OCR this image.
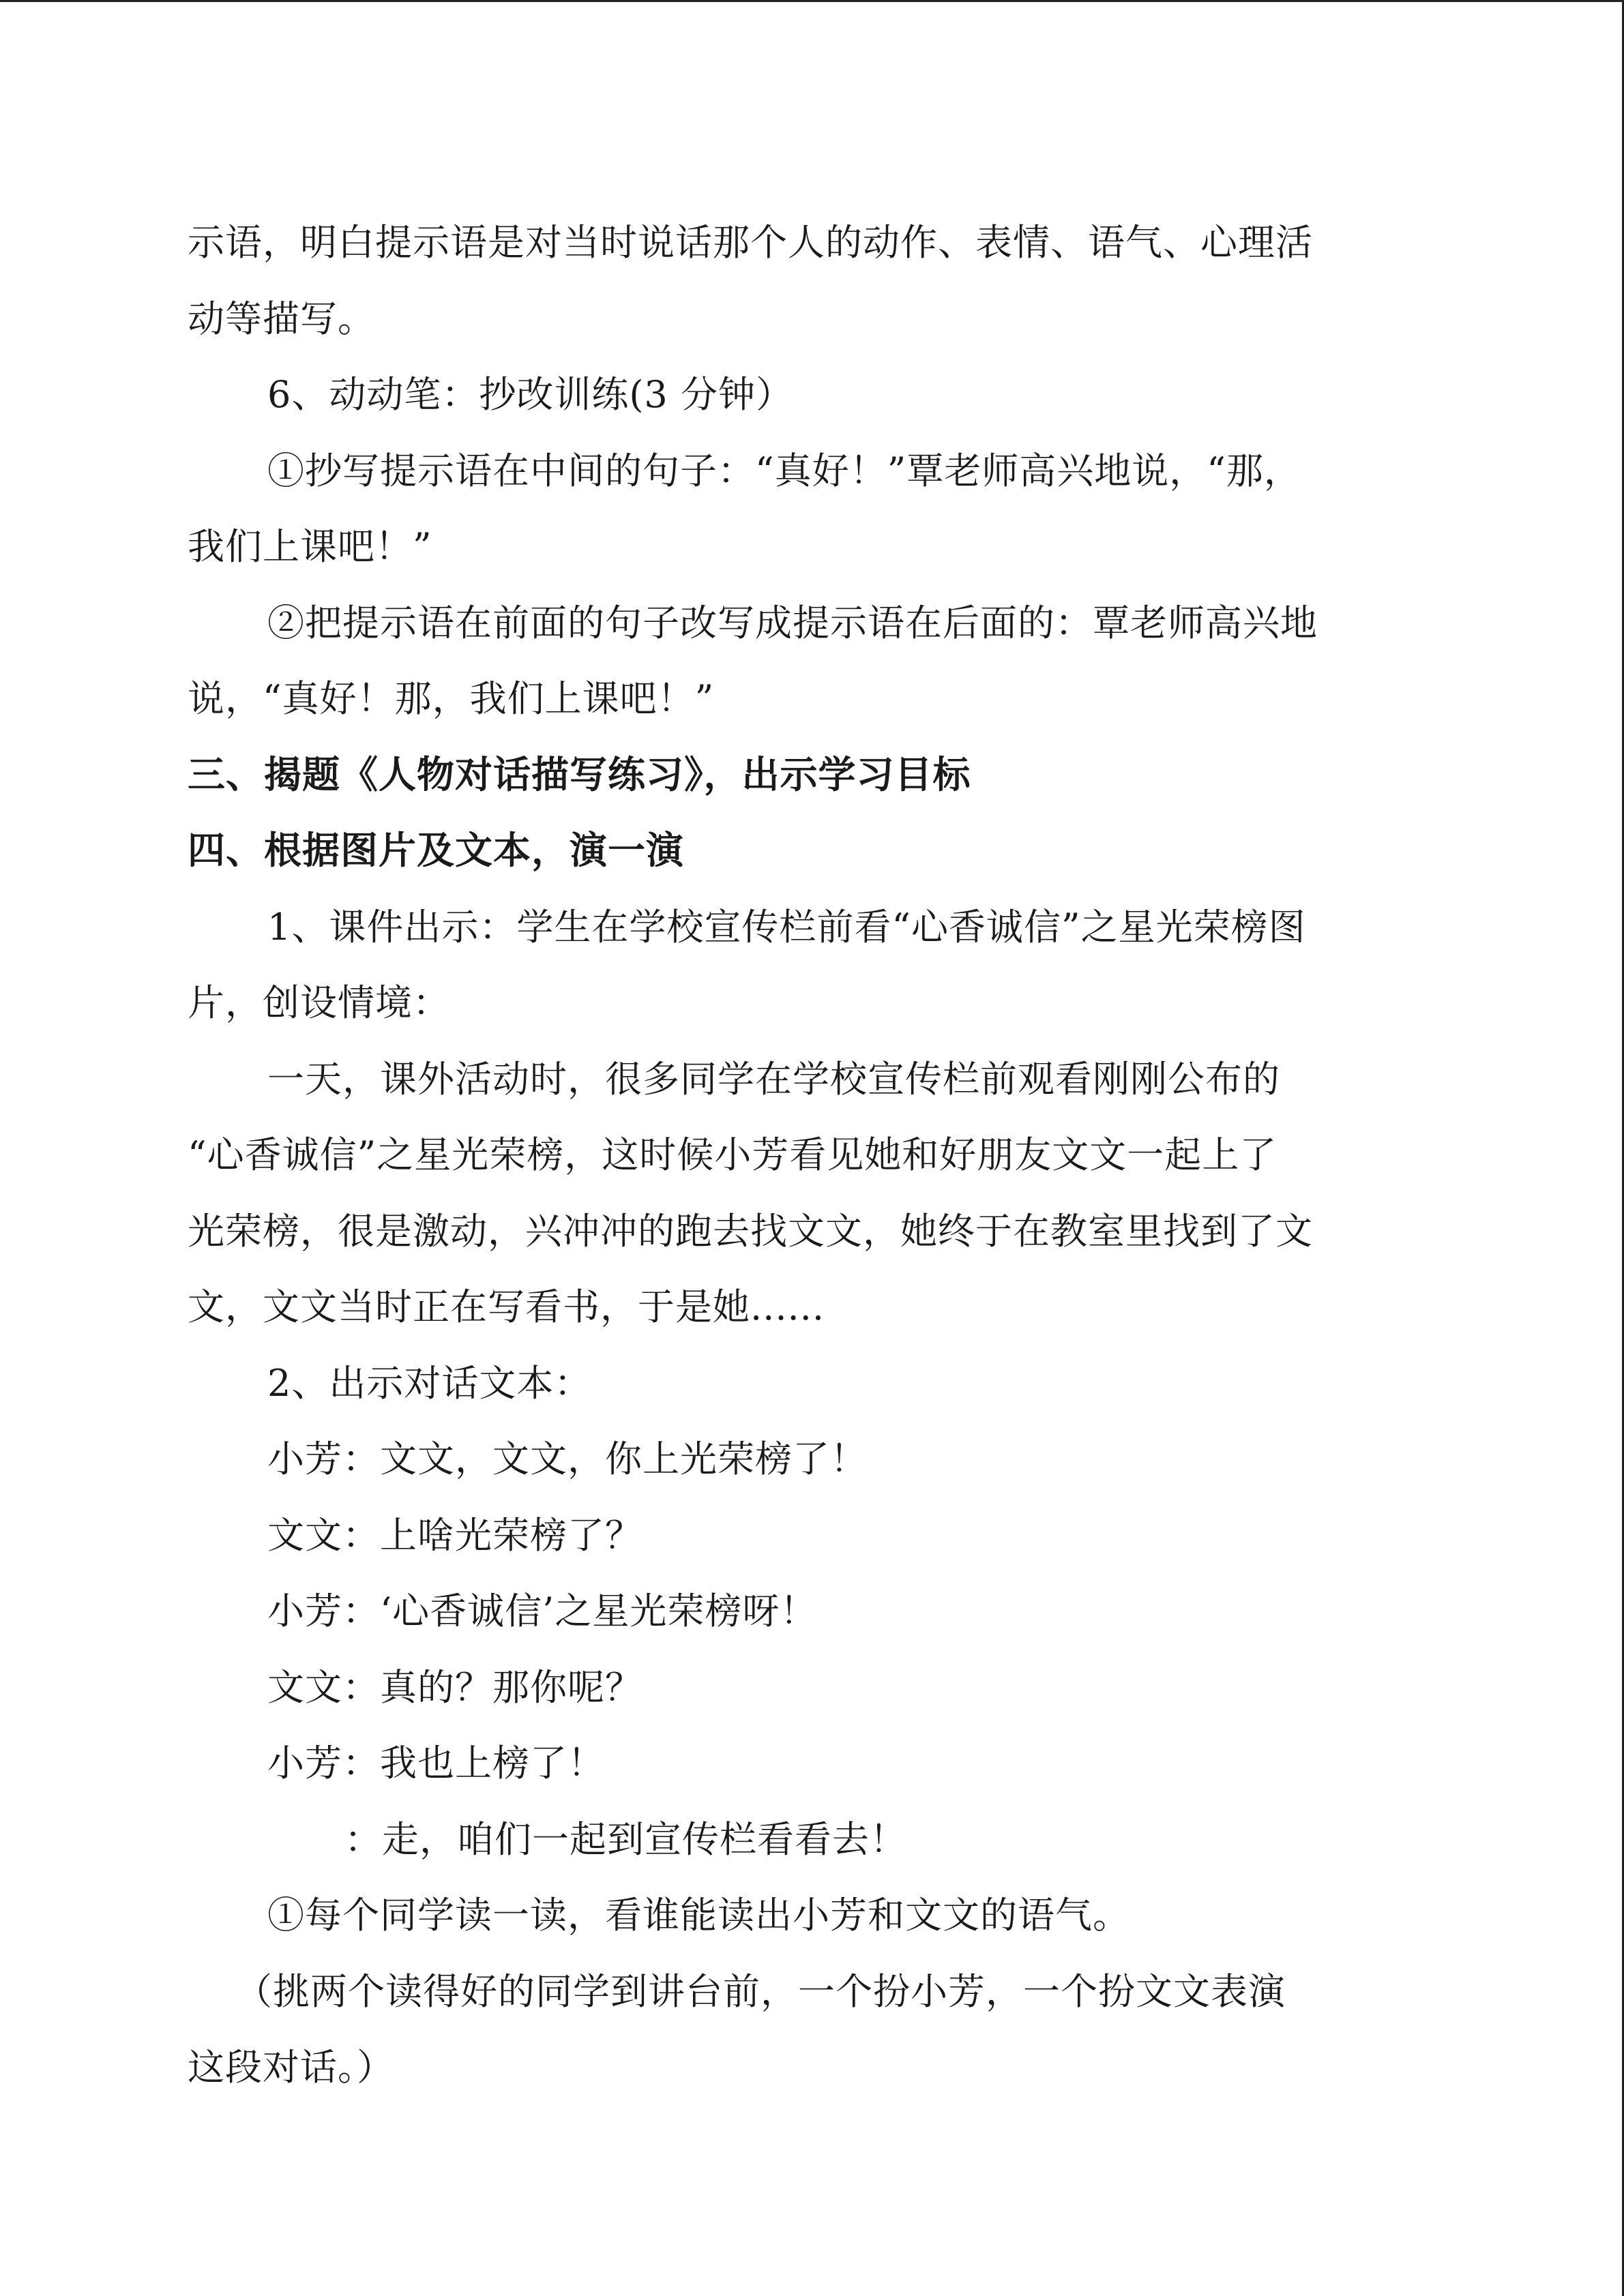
示语，明白提示语是对当时说话那个人的动作、表情、语气、心理活
动等描写。
6、动动笔：抄改训练(3 分钟）
①抄写提示语在中间的句子：“真好！”覃老师高兴地说，“那，
我们上课吧！”
②把提示语在前面的句子改写成提示语在后面的：覃老师高兴地
说，“真好！那，我们上课吧！”
三、揭题《人物对话描写练习》，出示学习目标
四、根据图片及文本，演一演
1、课件出示：学生在学校宣传栏前看“心香诚信”之星光荣榜图
片，创设情境：
一天，课外活动时，很多同学在学校宣传栏前观看刚刚公布的
“心香诚信”之星光荣榜，这时候小芳看见她和好朋友文文一起上了
光荣榜，很是激动，兴冲冲的跑去找文文，她终于在教室里找到了文
文，文文当时正在写看书，于是她......
2、出示对话文本：
小芳：文文，文文，你上光荣榜了！
文文：上啥光荣榜了？
小芳：‘心香诚信’之星光荣榜呀！
文文：真的？那你呢？
小芳：我也上榜了！
：走，咱们一起到宣传栏看看去！
①每个同学读一读，看谁能读出小芳和文文的语气。
（挑两个读得好的同学到讲台前，一个扮小芳，一个扮文文表演
这段对话。）
